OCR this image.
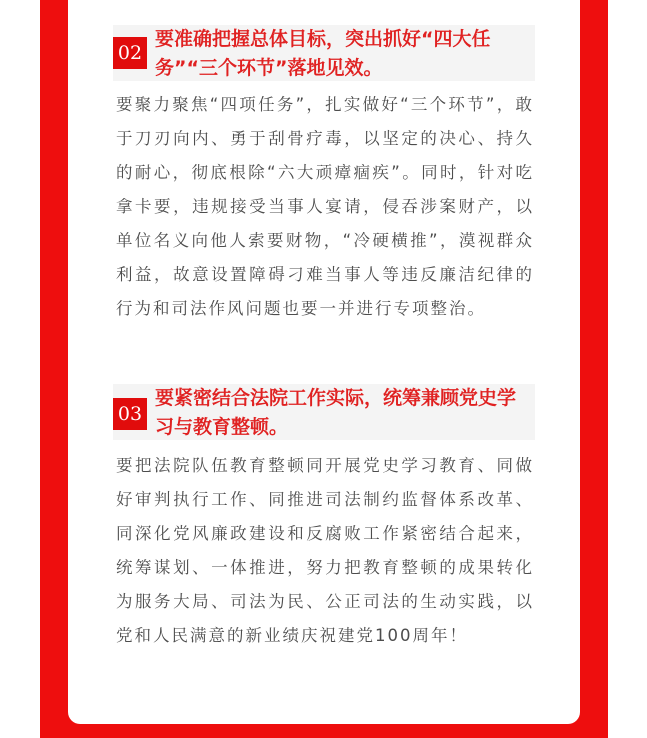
02
要准确把握总体目标，突出抓好“四大任务”“三个环节”落地见效。

要聚力聚焦“四项任务”，扎实做好“三个环节”，敢于刀刃向内、勇于刮骨疗毒，以坚定的决心、持久的耐心，彻底根除“六大顽瘴痼疾”。同时，针对吃拿卡要，违规接受当事人宴请，侵吞涉案财产，以单位名义向他人索要财物，“冷硬横推”，漠视群众利益，故意设置障碍刁难当事人等违反廉洁纪律的行为和司法作风问题也要一并进行专项整治。

03
要紧密结合法院工作实际，统筹兼顾党史学习与教育整顿。

要把法院队伍教育整顿同开展党史学习教育、同做好审判执行工作、同推进司法制约监督体系改革、同深化党风廉政建设和反腐败工作紧密结合起来，统筹谋划、一体推进，努力把教育整顿的成果转化为服务大局、司法为民、公正司法的生动实践，以党和人民满意的新业绩庆祝建党100周年！
